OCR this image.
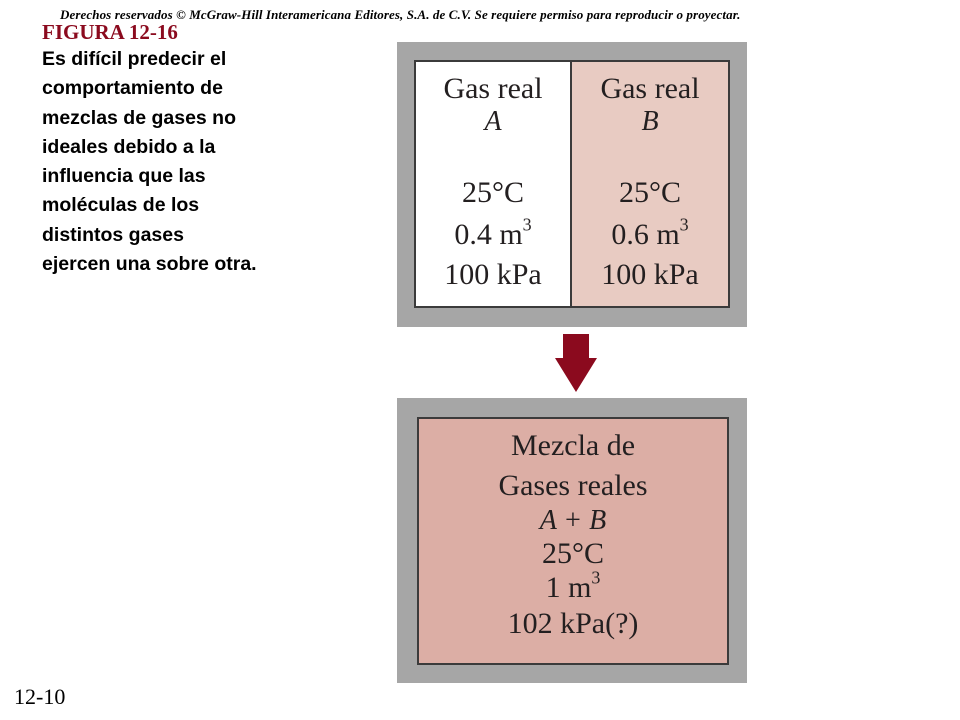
Derechos reservados © McGraw-Hill Interamericana Editores, S.A. de C.V. Se requiere permiso para reproducir o proyectar.
FIGURA 12-16
Es difícil predecir el comportamiento de mezclas de gases no ideales debido a la influencia que las moléculas de los distintos gases ejercen una sobre otra.
12-10
Gas real
A
25°C
0.4 $m^3$
100 kPa
Gas real
B
25°C
0.6 $m^3$
100 kPa
Mezcla de
Gases reales
A + B
25°C
1 $m^3$
102 kPa(?)
